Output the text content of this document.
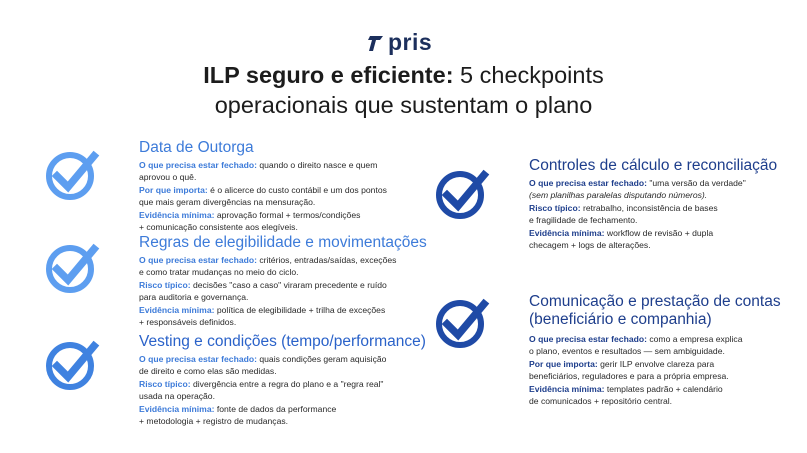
pris
ILP seguro e eficiente: 5 checkpoints
operacionais que sustentam o plano
Data de Outorga

O que precisa estar fechado: quando o direito nasce e quem

aprovou o quê.

Por que importa: é o alicerce do custo contábil e um dos pontos

que mais geram divergências na mensuração.

Evidência mínima: aprovação formal + termos/condições

+ comunicação consistente aos elegíveis.

Regras de elegibilidade e movimentações

O que precisa estar fechado: critérios, entradas/saídas, exceções

e como tratar mudanças no meio do ciclo.

Risco típico: decisões "caso a caso" viraram precedente e ruído

para auditoria e governança.

Evidência mínima: política de elegibilidade + trilha de exceções

+ responsáveis definidos.

Vesting e condições (tempo/performance)

O que precisa estar fechado: quais condições geram aquisição

de direito e como elas são medidas.

Risco típico: divergência entre a regra do plano e a "regra real"

usada na operação.

Evidência mínima: fonte de dados da performance

+ metodologia + registro de mudanças.

Controles de cálculo e reconciliação

O que precisa estar fechado: "uma versão da verdade"

(sem planilhas paralelas disputando números).

Risco típico: retrabalho, inconsistência de bases

e fragilidade de fechamento.

Evidência mínima: workflow de revisão + dupla

checagem + logs de alterações.

Comunicação e prestação de contas
(beneficiário e companhia)

O que precisa estar fechado: como a empresa explica

o plano, eventos e resultados — sem ambiguidade.

Por que importa: gerir ILP envolve clareza para

beneficiários, reguladores e para a própria empresa.

Evidência mínima: templates padrão + calendário

de comunicados + repositório central.
